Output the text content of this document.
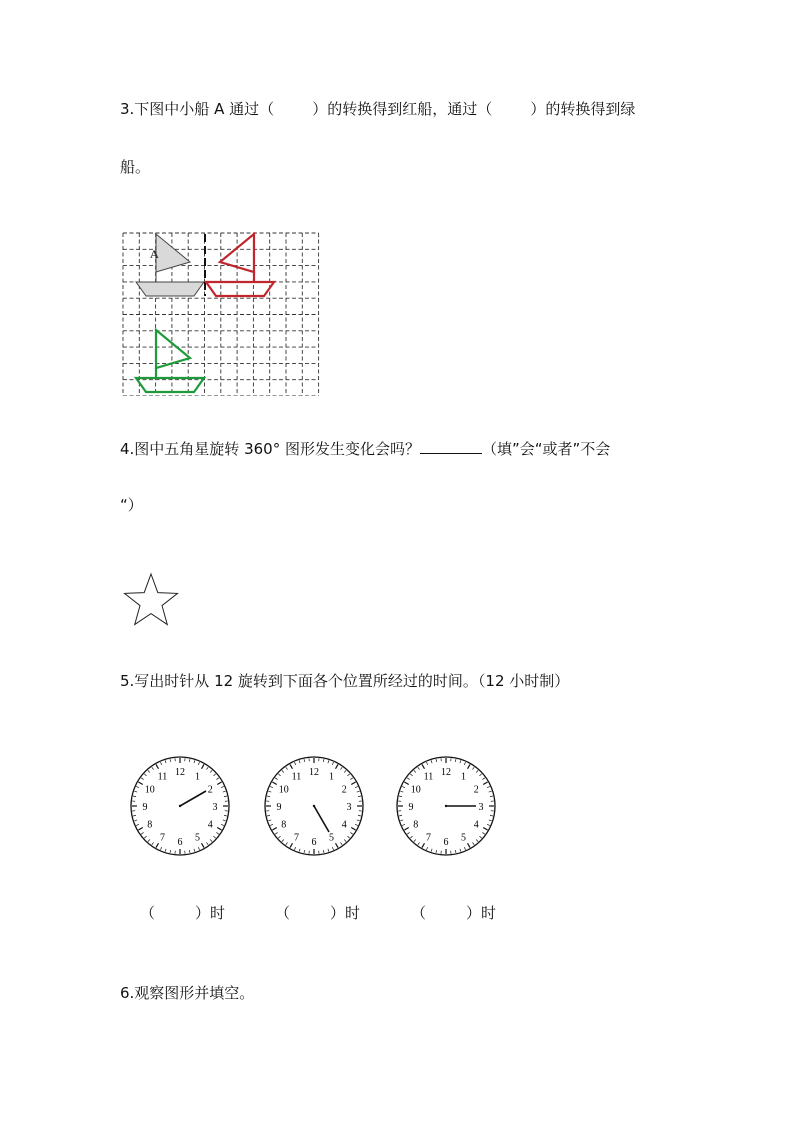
3.下图中小船 A 通过（        ）的转换得到红船，通过（        ）的转换得到绿
船。
A
4.图中五角星旋转 360° 图形发生变化会吗？	（填”会“或者”不会
“）
5.写出时针从 12 旋转到下面各个位置所经过的时间。（12 小时制）
12 1
2
3
4
5
6
7
8
9
10
11	12 1
2
3
4
5
6
7
8
9
10
11	12 1
2
3
4
5
6
7
8
9
10
11
（	）时	（	）时	（	）时
6.观察图形并填空。
